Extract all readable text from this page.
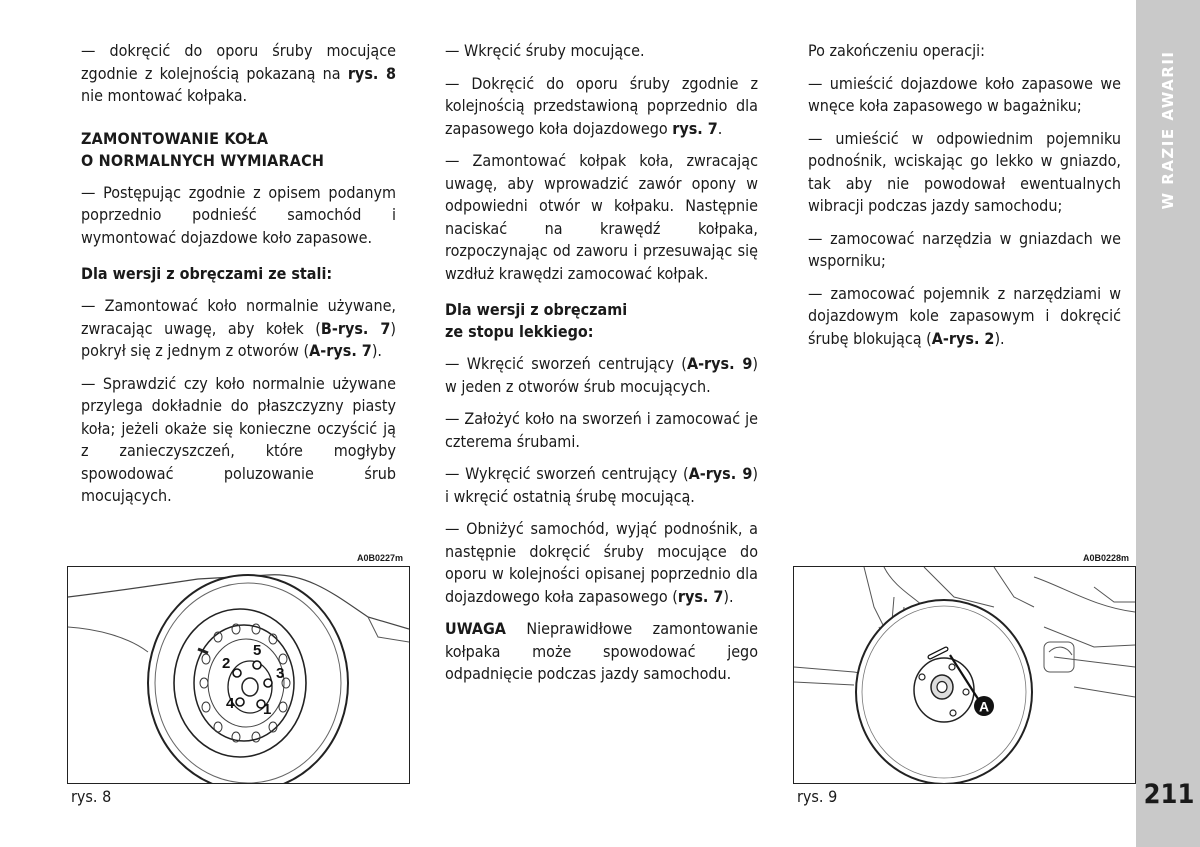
— dokręcić do oporu śruby mocujące zgodnie z kolejnością pokazaną na rys. 8 nie montować kołpaka.

ZAMONTOWANIE KOŁA
O NORMALNYCH WYMIARACH

— Postępując zgodnie z opisem podanym poprzednio podnieść samochód i wymontować dojazdowe koło zapasowe.

Dla wersji z obręczami ze stali:

— Zamontować koło normalnie używane, zwracając uwagę, aby kołek (B-rys. 7) pokrył się z jednym z otworów (A-rys. 7).

— Sprawdzić czy koło normalnie używane przylega dokładnie do płaszczyzny piasty koła; jeżeli okaże się konieczne oczyścić ją z zanieczyszczeń, które mogłyby spowodować poluzowanie śrub mocujących.

— Wkręcić śruby mocujące.

— Dokręcić do oporu śruby zgodnie z kolejnością przedstawioną poprzednio dla zapasowego koła dojazdowego rys. 7.

— Zamontować kołpak koła, zwracając uwagę, aby wprowadzić zawór opony w odpowiedni otwór w kołpaku. Następnie naciskać na krawędź kołpaka, rozpoczynając od zaworu i przesuwając się wzdłuż krawędzi zamocować kołpak.

Dla wersji z obręczami
ze stopu lekkiego:

— Wkręcić sworzeń centrujący (A-rys. 9) w jeden z otworów śrub mocujących.

— Założyć koło na sworzeń i zamocować je czterema śrubami.

— Wykręcić sworzeń centrujący (A-rys. 9) i wkręcić ostatnią śrubę mocującą.

— Obniżyć samochód, wyjąć podnośnik, a następnie dokręcić śruby mocujące do oporu w kolejności opisanej poprzednio dla dojazdowego koła zapasowego (rys. 7).

UWAGA Nieprawidłowe zamontowanie kołpaka może spowodować jego odpadnięcie podczas jazdy samochodu.

Po zakończeniu operacji:

— umieścić dojazdowe koło zapasowe we wnęce koła zapasowego w bagażniku;

— umieścić w odpowiednim pojemniku podnośnik, wciskając go lekko w gniazdo, tak aby nie powodował ewentualnych wibracji podczas jazdy samochodu;

— zamocować narzędzia w gniazdach we wsporniku;

— zamocować pojemnik z narzędziami w dojazdowym kole zapasowym i dokręcić śrubę blokującą (A-rys. 2).

A0B0227m
5
3
1
4
2
rys. 8
A0B0228m
A
rys. 9
W RAZIE AWARII
211
